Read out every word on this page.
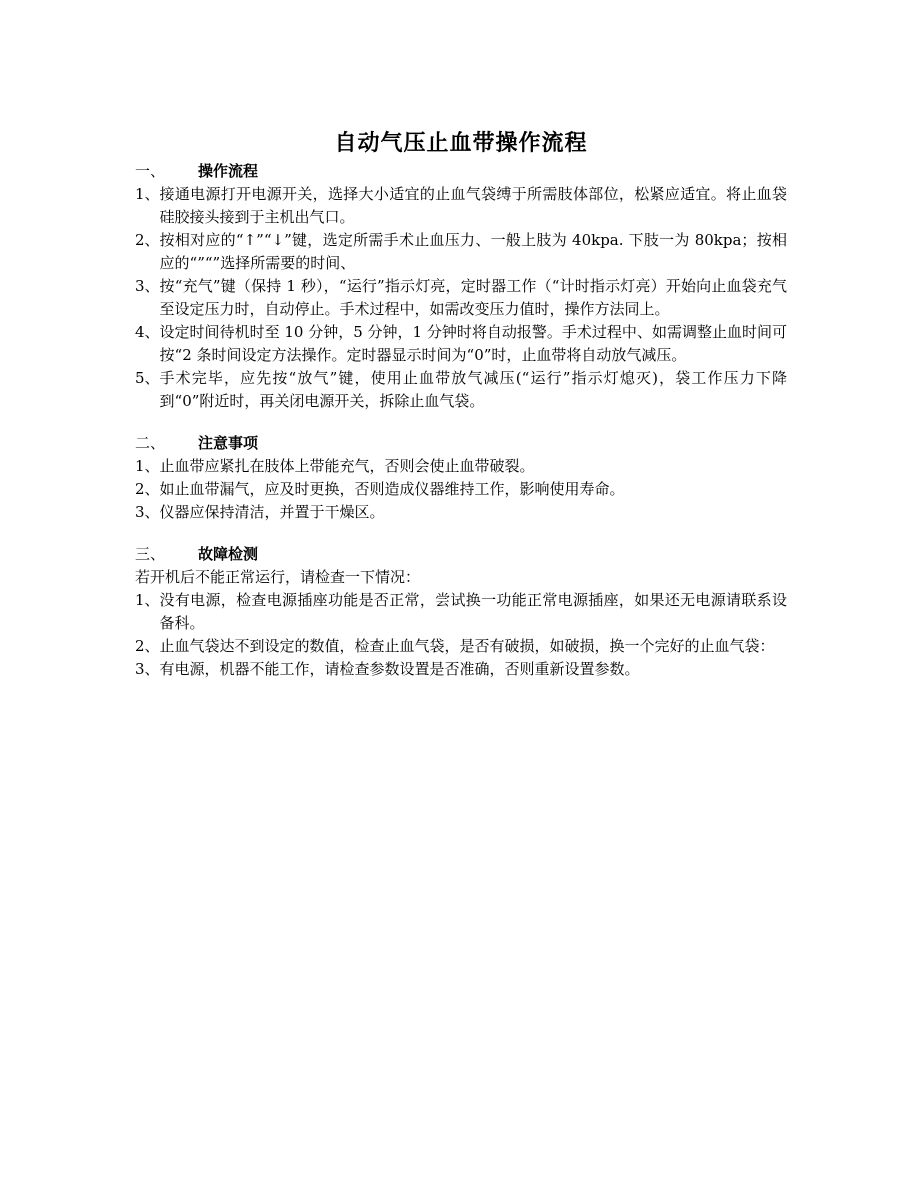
自动气压止血带操作流程
一、	操作流程
1、 接通电源打开电源开关，选择大小适宜的止血气袋缚于所需肢体部位，松紧应适宜。将止血袋硅胶接头接到于主机出气口。
2、 按相对应的“↑”“↓”键，选定所需手术止血压力、一般上肢为 40kpa. 下肢一为 80kpa；按相应的“”“”选择所需要的时间、
3、 按“充气”键（保持 1 秒），“运行”指示灯亮，定时器工作（“计时指示灯亮）开始向止血袋充气至设定压力时，自动停止。手术过程中，如需改变压力值时，操作方法同上。
4、 设定时间待机时至 10 分钟，5 分钟，1 分钟时将自动报警。手术过程中、如需调整止血时间可按“2 条时间设定方法操作。定时器显示时间为“0”时，止血带将自动放气减压。
5、 手术完毕，应先按“放气”键，使用止血带放气减压(“运行”指示灯熄灭)，袋工作压力下降到“0”附近时，再关闭电源开关，拆除止血气袋。
二、	注意事项
1、 止血带应紧扎在肢体上带能充气，否则会使止血带破裂。
2、 如止血带漏气，应及时更换，否则造成仪器维持工作，影响使用寿命。
3、 仪器应保持清洁，并置于干燥区。
三、	故障检测
若开机后不能正常运行，请检查一下情况：
1、 没有电源，检查电源插座功能是否正常，尝试换一功能正常电源插座，如果还无电源请联系设备科。
2、 止血气袋达不到设定的数值，检查止血气袋，是否有破损，如破损，换一个完好的止血气袋：
3、 有电源，机器不能工作，请检查参数设置是否准确，否则重新设置参数。
